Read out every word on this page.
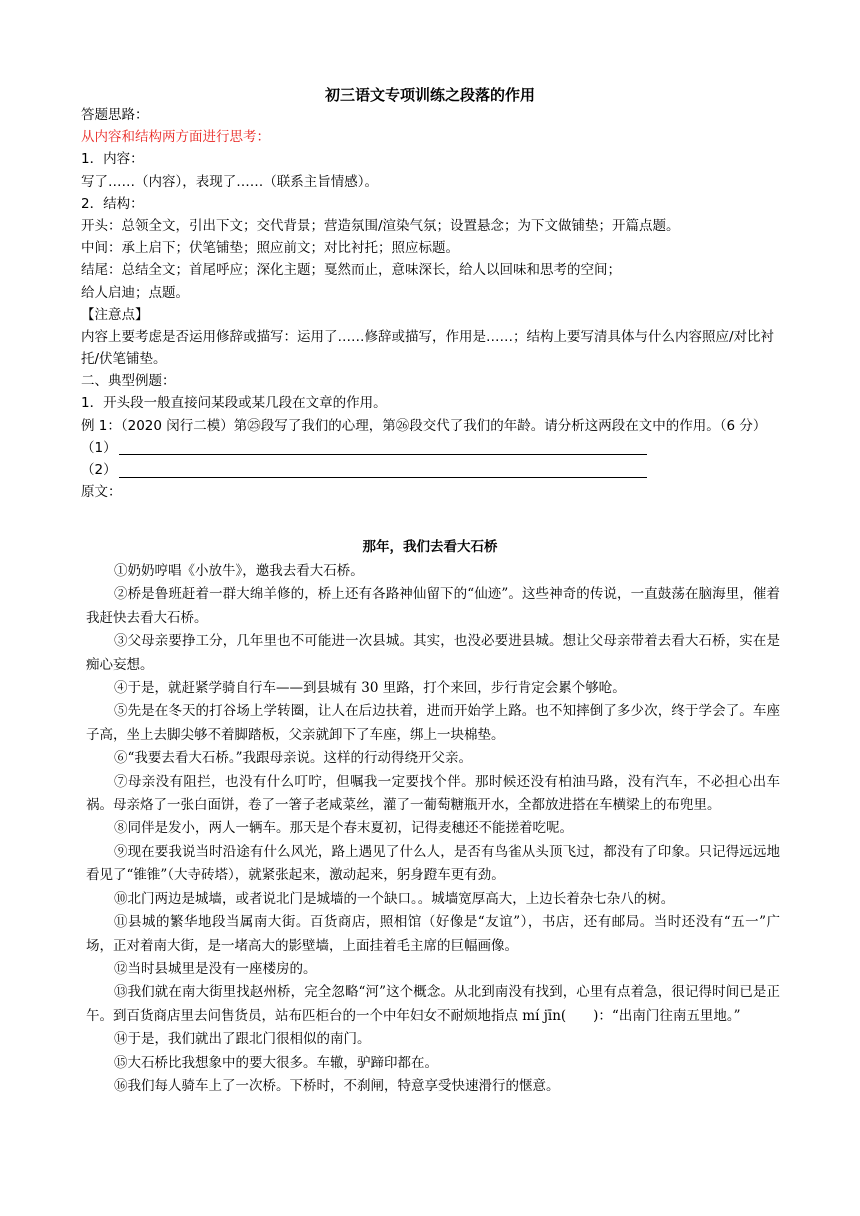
初三语文专项训练之段落的作用
答题思路：
从内容和结构两方面进行思考：
1．内容：
写了……（内容），表现了……（联系主旨情感）。
2．结构：
开头：总领全文，引出下文；交代背景；营造氛围/渲染气氛；设置悬念；为下文做铺垫；开篇点题。
中间：承上启下；伏笔铺垫；照应前文；对比衬托；照应标题。
结尾：总结全文；首尾呼应；深化主题；戛然而止，意味深长，给人以回味和思考的空间；
给人启迪；点题。
【注意点】
内容上要考虑是否运用修辞或描写：运用了……修辞或描写，作用是……；结构上要写清具体与什么内容照应/对比衬托/伏笔铺垫。
二、典型例题：
1．开头段一般直接问某段或某几段在文章的作用。
例 1：（2020 闵行二模）第㉕段写了我们的心理，第㉖段交代了我们的年龄。请分析这两段在文中的作用。（6 分）
（1）
（2）
原文：
那年，我们去看大石桥

①奶奶哼唱《小放牛》，邀我去看大石桥。

②桥是鲁班赶着一群大绵羊修的，桥上还有各路神仙留下的“仙迹”。这些神奇的传说，一直鼓荡在脑海里，催着我赶快去看大石桥。

③父母亲要挣工分，几年里也不可能进一次县城。其实，也没必要进县城。想让父母亲带着去看大石桥，实在是痴心妄想。

④于是，就赶紧学骑自行车——到县城有 30 里路，打个来回，步行肯定会累个够呛。

⑤先是在冬天的打谷场上学转圈，让人在后边扶着，进而开始学上路。也不知摔倒了多少次，终于学会了。车座子高，坐上去脚尖够不着脚踏板，父亲就卸下了车座，绑上一块棉垫。

⑥“我要去看大石桥。”我跟母亲说。这样的行动得绕开父亲。

⑦母亲没有阻拦，也没有什么叮咛，但嘱我一定要找个伴。那时候还没有柏油马路，没有汽车，不必担心出车祸。母亲烙了一张白面饼，卷了一箸子老咸菜丝，灌了一葡萄糖瓶开水，全都放进搭在车横梁上的布兜里。

⑧同伴是发小，两人一辆车。那天是个春末夏初，记得麦穗还不能搓着吃呢。

⑨现在要我说当时沿途有什么风光，路上遇见了什么人，是否有鸟雀从头顶飞过，都没有了印象。只记得远远地看见了“锥锥”（大寺砖塔），就紧张起来，激动起来，躬身蹬车更有劲。

⑩北门两边是城墙，或者说北门是城墙的一个缺口。。城墙宽厚高大，上边长着杂七杂八的树。

⑪县城的繁华地段当属南大街。百货商店，照相馆（好像是“友谊”），书店，还有邮局。当时还没有“五一”广场，正对着南大街，是一堵高大的影壁墙，上面挂着毛主席的巨幅画像。

⑫当时县城里是没有一座楼房的。

⑬我们就在南大街里找赵州桥，完全忽略“河”这个概念。从北到南没有找到，心里有点着急，很记得时间已是正午。到百货商店里去问售货员，站布匹柜台的一个中年妇女不耐烦地指点 mí jīn(　　)：“出南门往南五里地。”

⑭于是，我们就出了跟北门很相似的南门。

⑮大石桥比我想象中的要大很多。车辙，驴蹄印都在。

⑯我们每人骑车上了一次桥。下桥时，不刹闸，特意享受快速滑行的惬意。
